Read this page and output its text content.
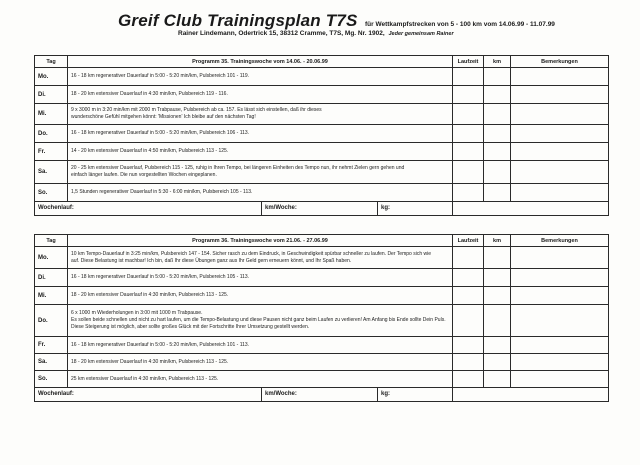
Greif Club Trainingsplan T7S für Wettkampfstrecken von 5 - 100 km vom 14.06.99 - 11.07.99
Rainer Lindemann, Odertrick 15, 38312 Cramme, T7S, Mg. Nr. 1902, Jeder gemeinsam Rainer
Tag	Programm 35. Trainingswoche vom 14.06. - 20.06.99	Laufzeit	km	Bemerkungen
Mo.	16 - 18 km regenerativer Dauerlauf in 5:00 - 5:20 min/km, Pulsbereich 101 - 119.			
Di.	18 - 20 km extensiver Dauerlauf in 4:30 min/km, Pulsbereich 119 - 116.			
Mi.	9 x 3000 m in 3:20 min/km mit 2000 m Trabpause, Pulsbereich ab ca. 157. Es lässt sich einstellen, daß ihr dieses
wunderschöne Gefühl mitgehen könnt: 'Missionen' Ich bleibe auf den nächsten Tag!			

Do.	16 - 18 km regenerativer Dauerlauf in 5:00 - 5:20 min/km, Pulsbereich 106 - 113.			
Fr.	14 - 20 km extensiver Dauerlauf in 4:50 min/km, Pulsbereich 113 - 125.			
Sa.	20 - 25 km extensiver Dauerlauf, Pulsbereich 115 - 125, ruhig in Ihren Tempo, bei längeren Einheiten des Tempo nun, ihr nehmt Zielen gern gehen und
einfach länger laufen. Die nun vorgestellten Wochen eingeplanen.			

So.	1,5 Stunden regenerativer Dauerlauf in 5:30 - 6:00 min/km, Pulsbereich 105 - 113.			
Wochenlauf: km/Woche: kg:				
Tag	Programm 36. Trainingswoche vom 21.06. - 27.06.99	Laufzeit	km	Bemerkungen
Mo.	10 km Tempo-Dauerlauf in 3:25 min/km, Pulsbereich 147 - 154. Sicher rasch zu dem Eindruck, in Geschwindigkeit spürbar schneller zu laufen. Der Tempo sich wie
auf. Diese Belastung ist machbar! Ich bin, daß Ihr diese Übungen ganz aus Ihr Geld gern erneuern könnt, und Ihr Spaß haben.			

Di.	16 - 18 km regenerativer Dauerlauf in 5:00 - 5:20 min/km, Pulsbereich 105 - 113.			
Mi.	18 - 20 km extensiver Dauerlauf in 4:30 min/km, Pulsbereich 113 - 125.			
Do.	6 x 1000 m Wiederholungen in 3:00 mit 1000 m Trabpause.
Es sollen beide schnellen und nicht zu hart laufen, um die Tempo-Belastung und diese Pausen nicht ganz beim Laufen zu verlieren! Am Anfang bis Ende sollte Dein Puls.
Diese Steigerung ist möglich, aber sollte großes Glück mit der Fortschritte Ihrer Umsetzung gestellt werden.			

Fr.	16 - 18 km regenerativer Dauerlauf in 5:00 - 5:20 min/km, Pulsbereich 101 - 113.			
Sa.	18 - 20 km extensiver Dauerlauf in 4:30 min/km, Pulsbereich 113 - 125.			
So.	25 km extensiver Dauerlauf in 4:30 min/km, Pulsbereich 113 - 125.			
Wochenlauf: km/Woche: kg:				
